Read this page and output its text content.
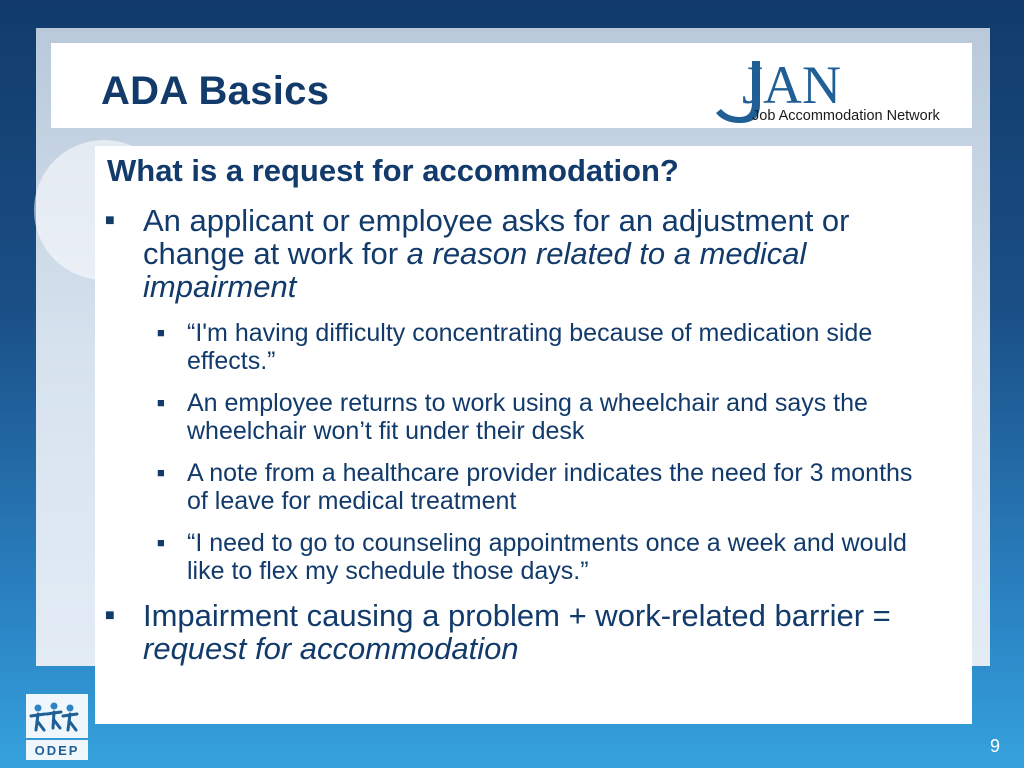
ADA Basics	JAN
Job Accommodation Network
What is a request for accommodation?
■ An applicant or employee asks for an adjustment or change at work for a reason related to a medical impairment
■ “I'm having difficulty concentrating because of medication side effects.”
■ An employee returns to work using a wheelchair and says the wheelchair won’t fit under their desk
■ A note from a healthcare provider indicates the need for 3 months of leave for medical treatment
■ “I need to go to counseling appointments once a week and would like to flex my schedule those days.”
■ Impairment causing a problem + work-related barrier = request for accommodation
ODEP	9
